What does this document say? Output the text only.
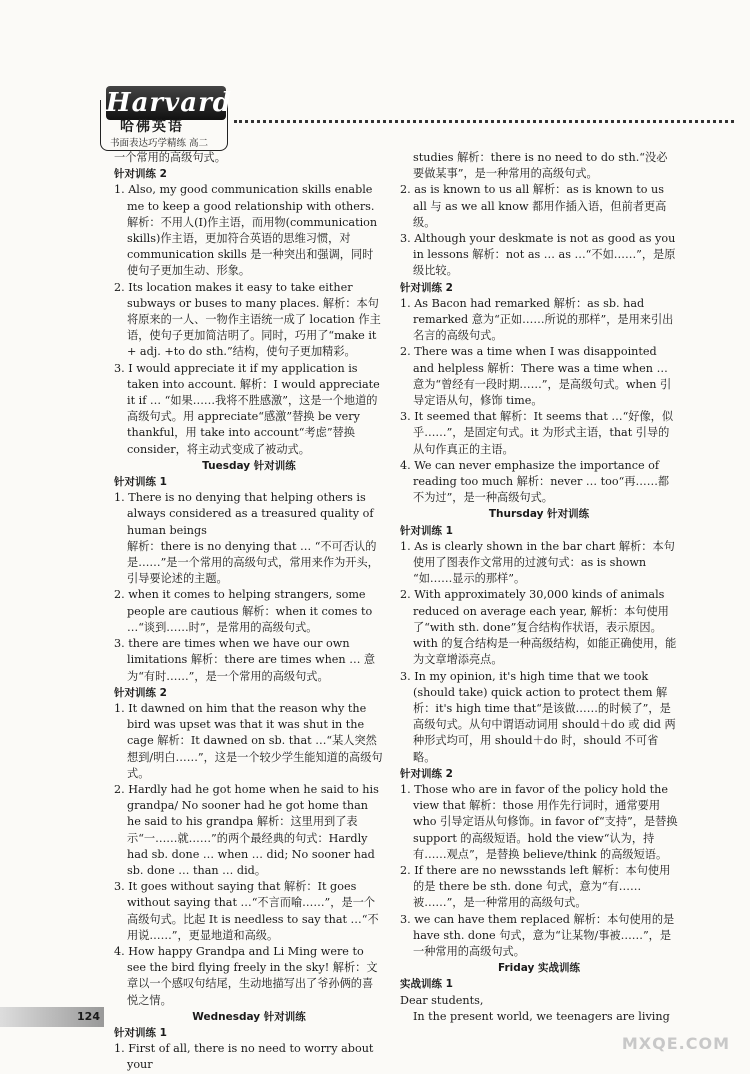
Harvard
哈佛英语
书面表达巧学精练 高二

一个常用的高级句式。

针对训练 2

1. Also, my good communication skills enable me to keep a good relationship with others. 解析：不用人(I)作主语，而用物(communication skills)作主语，更加符合英语的思维习惯，对 communication skills 是一种突出和强调，同时使句子更加生动、形象。

2. Its location makes it easy to take either subways or buses to many places. 解析：本句将原来的一人、一物作主语统一成了 location 作主语，使句子更加简洁明了。同时，巧用了“make it + adj. +to do sth.”结构，使句子更加精彩。

3. I would appreciate it if my application is taken into account. 解析：I would appreciate it if … “如果……我将不胜感激”，这是一个地道的高级句式。用 appreciate“感激”替换 be very thankful，用 take into account“考虑”替换 consider，将主动式变成了被动式。

Tuesday 针对训练

针对训练 1

1. There is no denying that helping others is always considered as a treasured quality of human beings

解析：there is no denying that … “不可否认的是……”是一个常用的高级句式，常用来作为开头，引导要论述的主题。

2. when it comes to helping strangers, some people are cautious 解析：when it comes to …“谈到……时”，是常用的高级句式。

3. there are times when we have our own limitations 解析：there are times when … 意为“有时……”，是一个常用的高级句式。

针对训练 2

1. It dawned on him that the reason why the bird was upset was that it was shut in the cage 解析：It dawned on sb. that …“某人突然想到/明白……”，这是一个较少学生能知道的高级句式。

2. Hardly had he got home when he said to his grandpa/ No sooner had he got home than he said to his grandpa 解析：这里用到了表示“一……就……”的两个最经典的句式：Hardly had sb. done … when … did; No sooner had sb. done … than … did。

3. It goes without saying that 解析：It goes without saying that …“不言而喻……”，是一个高级句式。比起 It is needless to say that …“不用说……”，更显地道和高级。

4. How happy Grandpa and Li Ming were to see the bird flying freely in the sky! 解析：文章以一个感叹句结尾，生动地描写出了爷孙俩的喜悦之情。

Wednesday 针对训练

针对训练 1

1. First of all, there is no need to worry about your

studies 解析：there is no need to do sth.“没必要做某事”，是一种常用的高级句式。

2. as is known to us all 解析：as is known to us all 与 as we all know 都用作插入语，但前者更高级。

3. Although your deskmate is not as good as you in lessons 解析：not as … as …“不如……”，是原级比较。

针对训练 2

1. As Bacon had remarked 解析：as sb. had remarked 意为“正如……所说的那样”，是用来引出名言的高级句式。

2. There was a time when I was disappointed and helpless 解析：There was a time when … 意为“曾经有一段时期……”，是高级句式。when 引导定语从句，修饰 time。

3. It seemed that 解析：It seems that …“好像，似乎……”，是固定句式。it 为形式主语，that 引导的从句作真正的主语。

4. We can never emphasize the importance of reading too much 解析：never … too“再……都不为过”，是一种高级句式。

Thursday 针对训练

针对训练 1

1. As is clearly shown in the bar chart 解析：本句使用了图表作文常用的过渡句式：as is shown “如……显示的那样”。

2. With approximately 30,000 kinds of animals reduced on average each year, 解析：本句使用了“with sth. done”复合结构作状语，表示原因。with 的复合结构是一种高级结构，如能正确使用，能为文章增添亮点。

3. In my opinion, it's high time that we took (should take) quick action to protect them 解析：it's high time that“是该做……的时候了”，是高级句式。从句中谓语动词用 should＋do 或 did 两种形式均可，用 should＋do 时，should 不可省略。

针对训练 2

1. Those who are in favor of the policy hold the view that 解析：those 用作先行词时，通常要用 who 引导定语从句修饰。in favor of“支持”，是替换 support 的高级短语。hold the view“认为，持有……观点”，是替换 believe/think 的高级短语。

2. If there are no newsstands left 解析：本句使用的是 there be sth. done 句式，意为“有……被……”，是一种常用的高级句式。

3. we can have them replaced 解析：本句使用的是 have sth. done 句式，意为“让某物/事被……”，是一种常用的高级句式。

Friday 实战训练

实战训练 1

Dear students,

In the present world, we teenagers are living

124
MXQE.COM
